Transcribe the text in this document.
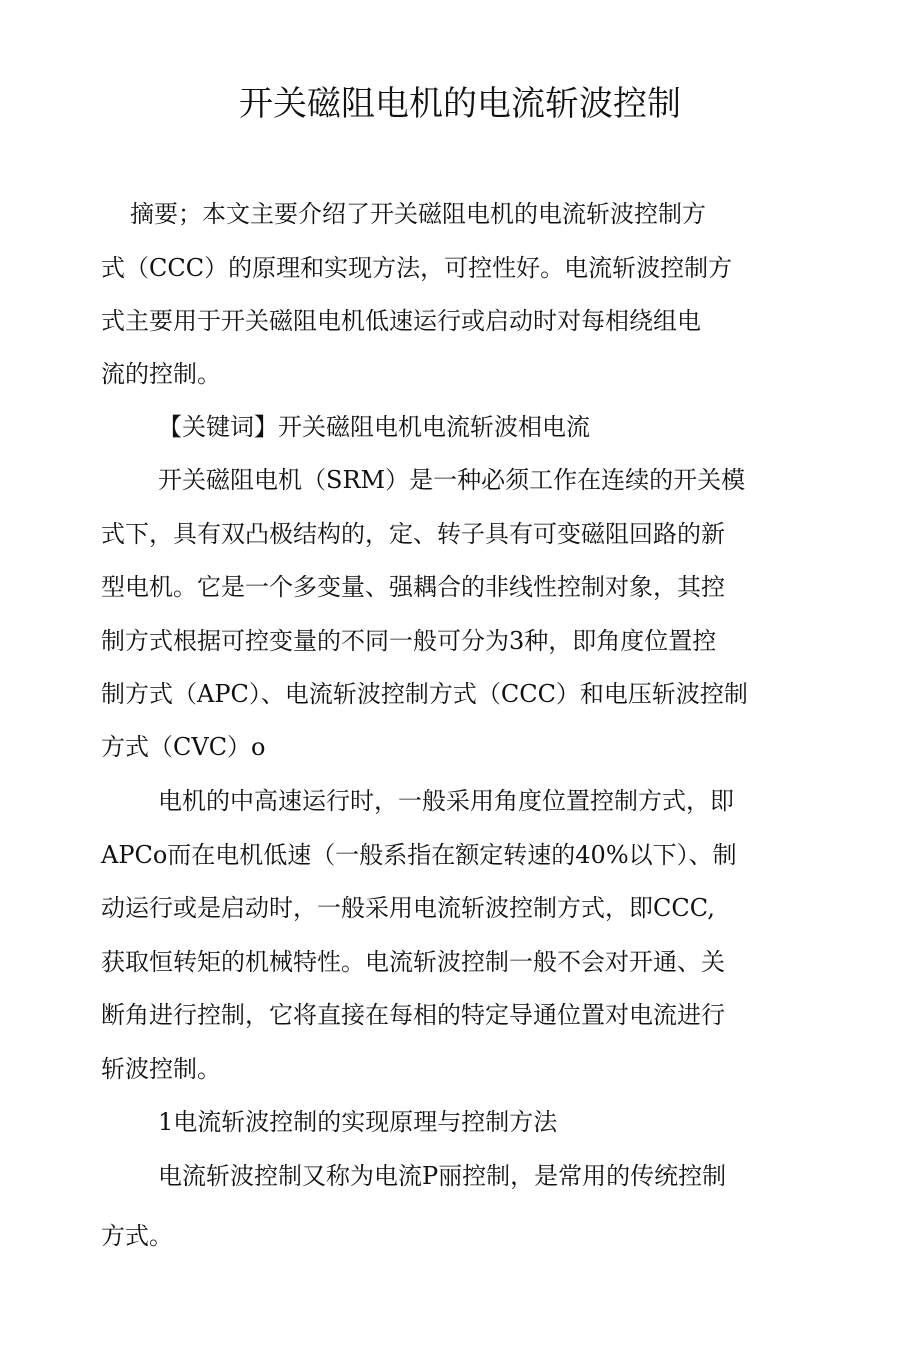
开关磁阻电机的电流斩波控制
摘要；本文主要介绍了开关磁阻电机的电流斩波控制方
式（CCC）的原理和实现方法，可控性好。电流斩波控制方
式主要用于开关磁阻电机低速运行或启动时对每相绕组电
流的控制。
【关键词】开关磁阻电机电流斩波相电流
开关磁阻电机（SRM）是一种必须工作在连续的开关模
式下，具有双凸极结构的，定、转子具有可变磁阻回路的新
型电机。它是一个多变量、强耦合的非线性控制对象，其控
制方式根据可控变量的不同一般可分为3种，即角度位置控
制方式（APC）、电流斩波控制方式（CCC）和电压斩波控制
方式（CVC）o
电机的中高速运行时，一般采用角度位置控制方式，即
APCo而在电机低速（一般系指在额定转速的40%以下）、制
动运行或是启动时，一般采用电流斩波控制方式，即CCC,
获取恒转矩的机械特性。电流斩波控制一般不会对开通、关
断角进行控制，它将直接在每相的特定导通位置对电流进行
斩波控制。
1电流斩波控制的实现原理与控制方法
电流斩波控制又称为电流P丽控制，是常用的传统控制
方式。
